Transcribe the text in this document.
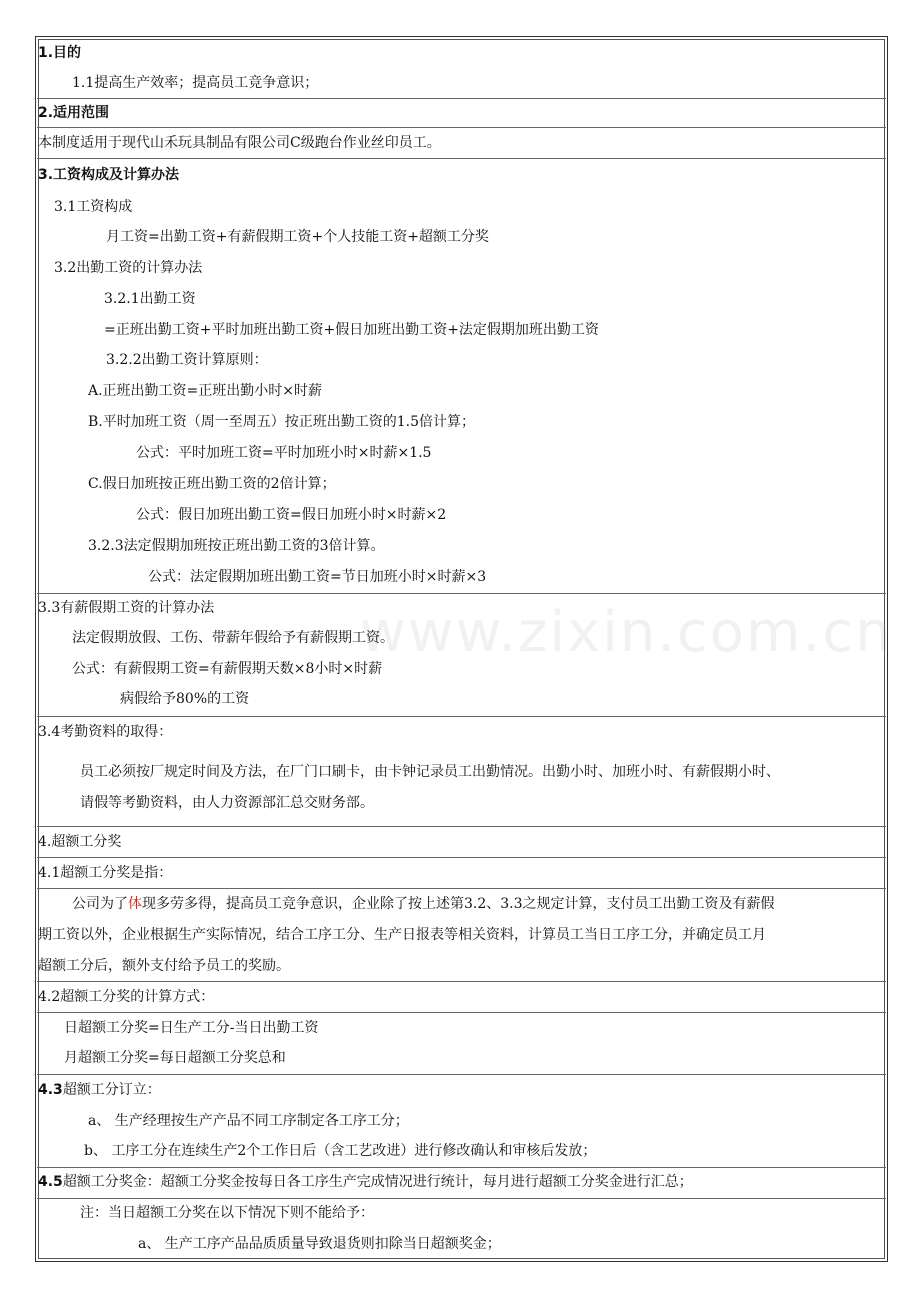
www.zixin.com.cn
1.目的
1.1提高生产效率；提高员工竞争意识；
2.适用范围
本制度适用于现代山禾玩具制品有限公司C级跑台作业丝印员工。
3.工资构成及计算办法
3.1工资构成
月工资=出勤工资+有薪假期工资+个人技能工资+超额工分奖
3.2出勤工资的计算办法
3.2.1出勤工资
=正班出勤工资+平时加班出勤工资+假日加班出勤工资+法定假期加班出勤工资
3.2.2出勤工资计算原则：
A.正班出勤工资=正班出勤小时×时薪
B.平时加班工资（周一至周五）按正班出勤工资的1.5倍计算；
公式：平时加班工资=平时加班小时×时薪×1.5
C.假日加班按正班出勤工资的2倍计算；
公式：假日加班出勤工资=假日加班小时×时薪×2
3.2.3法定假期加班按正班出勤工资的3倍计算。
公式：法定假期加班出勤工资=节日加班小时×时薪×3
3.3有薪假期工资的计算办法
法定假期放假、工伤、带薪年假给予有薪假期工资。
公式：有薪假期工资=有薪假期天数×8小时×时薪
病假给予80%的工资
3.4考勤资料的取得：
员工必须按厂规定时间及方法，在厂门口刷卡，由卡钟记录员工出勤情况。出勤小时、加班小时、有薪假期小时、
请假等考勤资料，由人力资源部汇总交财务部。
4.超额工分奖
4.1超额工分奖是指：
公司为了体现多劳多得，提高员工竞争意识，企业除了按上述第3.2、3.3之规定计算，支付员工出勤工资及有薪假
期工资以外，企业根据生产实际情况，结合工序工分、生产日报表等相关资料，计算员工当日工序工分，并确定员工月
超额工分后，额外支付给予员工的奖励。
4.2超额工分奖的计算方式：
日超额工分奖=日生产工分-当日出勤工资
月超额工分奖=每日超额工分奖总和
4.3超额工分订立：
a、 生产经理按生产产品不同工序制定各工序工分；
b、 工序工分在连续生产2个工作日后（含工艺改进）进行修改确认和审核后发放；
4.5超额工分奖金：超额工分奖金按每日各工序生产完成情况进行统计，每月进行超额工分奖金进行汇总；
注：当日超额工分奖在以下情况下则不能给予：
a、 生产工序产品品质质量导致退货则扣除当日超额奖金；
